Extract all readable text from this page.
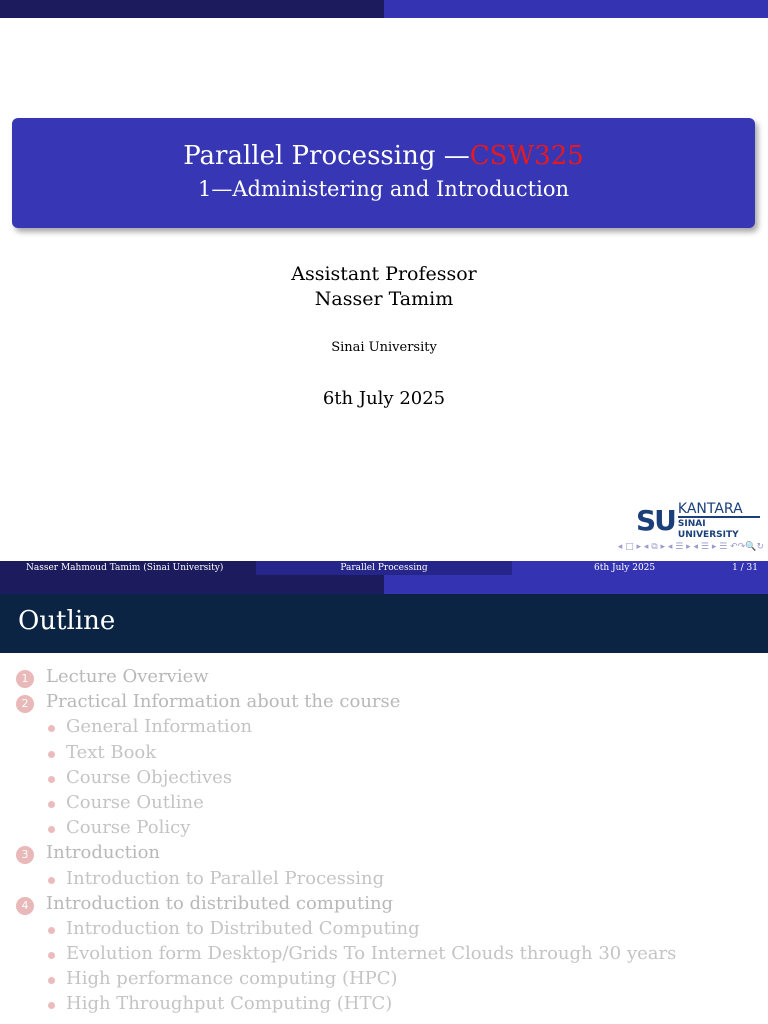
Parallel Processing —CSW325
1—Administering and Introduction
Assistant Professor
Nasser Tamim
Sinai University
6th July 2025
SU KANTARA
SINAI UNIVERSITY
◂ □ ▸ ◂ ⧉ ▸ ◂ ☰ ▸ ◂ ☰ ▸ ☰ ↶↷🔍↻
Nasser Mahmoud Tamim (Sinai University)	Parallel Processing	6th July 2025	1 / 31
Outline
1 Lecture Overview
2 Practical Information about the course
General Information
Text Book
Course Objectives
Course Outline
Course Policy
3 Introduction
Introduction to Parallel Processing
4 Introduction to distributed computing
Introduction to Distributed Computing
Evolution form Desktop/Grids To Internet Clouds through 30 years
High performance computing (HPC)
High Throughput Computing (HTC)
